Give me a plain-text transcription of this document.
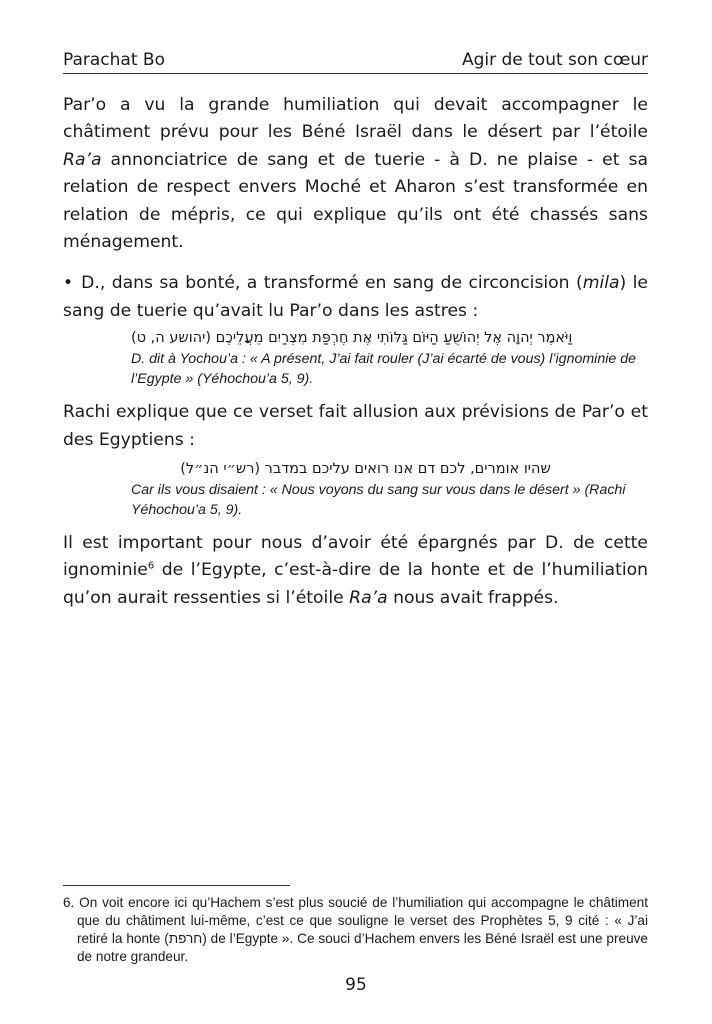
Parachat Bo	Agir de tout son cœur

Par’o a vu la grande humiliation qui devait accompagner le châtiment prévu pour les Béné Israël dans le désert par l’étoile Ra’a annonciatrice de sang et de tuerie - à D. ne plaise - et sa relation de respect envers Moché et Aharon s’est transformée en relation de mépris, ce qui explique qu’ils ont été chassés sans ménagement.

• D., dans sa bonté, a transformé en sang de circoncision (mila) le sang de tuerie qu’avait lu Par’o dans les astres :

וַיֹּאמֶר יְהוָה אֶל יְהוֹשֻׁעַ הַיּוֹם גַּלּוֹתִי אֶת חֶרְפַּת מִצְרַיִם מֵעֲלֵיכֶם (יהושע ה, ט)
D. dit à Yochou’a : « A présent, J’ai fait rouler (J’ai écarté de vous) l’ignominie de l’Egypte » (Yéhochou’a 5, 9).

Rachi explique que ce verset fait allusion aux prévisions de Par’o et des Egyptiens :

שהיו אומרים, לכם דם אנו רואים עליכם במדבר (רש״י הנ״ל)
Car ils vous disaient : « Nous voyons du sang sur vous dans le désert » (Rachi Yéhochou’a 5, 9).

Il est important pour nous d’avoir été épargnés par D. de cette ignominie$^6$ de l’Egypte, c’est-à-dire de la honte et de l’humiliation qu’on aurait ressenties si l’étoile Ra’a nous avait frappés.

6. On voit encore ici qu’Hachem s’est plus soucié de l’humiliation qui accompagne le châtiment que du châtiment lui-même, c’est ce que souligne le verset des Prophètes 5, 9 cité : « J’ai retiré la honte (חרפת) de l’Egypte ». Ce souci d’Hachem envers les Béné Israël est une preuve de notre grandeur.
95
